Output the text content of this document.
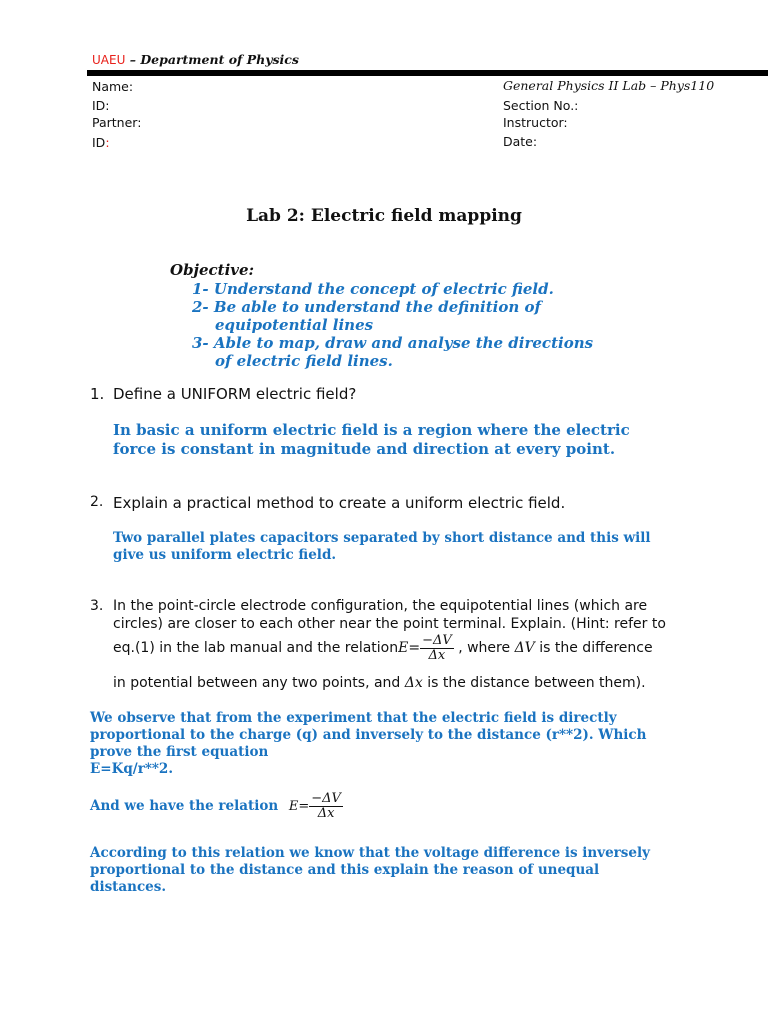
UAEU – Department of Physics
Name:
ID:
Partner:
ID:
General Physics II Lab – Phys110
Section No.:
Instructor:
Date:
Lab 2: Electric field mapping
Objective:
1- Understand the concept of electric field.
2- Be able to understand the definition of
equipotential lines
3- Able to map, draw and analyse the directions
of electric field lines.
1. Define a UNIFORM electric field?
In basic a uniform electric field is a region where the electric
force is constant in magnitude and direction at every point.
2. Explain a practical method to create a uniform electric field.
Two parallel plates capacitors separated by short distance and this will
give us uniform electric field.
3. In the point-circle electrode configuration, the equipotential lines (which are
circles) are closer to each other near the point terminal. Explain. (Hint: refer to
eq.(1) in the lab manual and the relationE= $\frac{-\Delta V}{\Delta x}$ , where ΔV is the difference
in potential between any two points, and Δx is the distance between them).
We observe that from the experiment that the electric field is directly
proportional to the charge (q) and inversely to the distance (r**2). Which
prove the first equation
E=Kq/r**2.
And we have the relation $E= \frac{-\Delta V}{\Delta x}$
According to this relation we know that the voltage difference is inversely
proportional to the distance and this explain the reason of unequal
distances.
